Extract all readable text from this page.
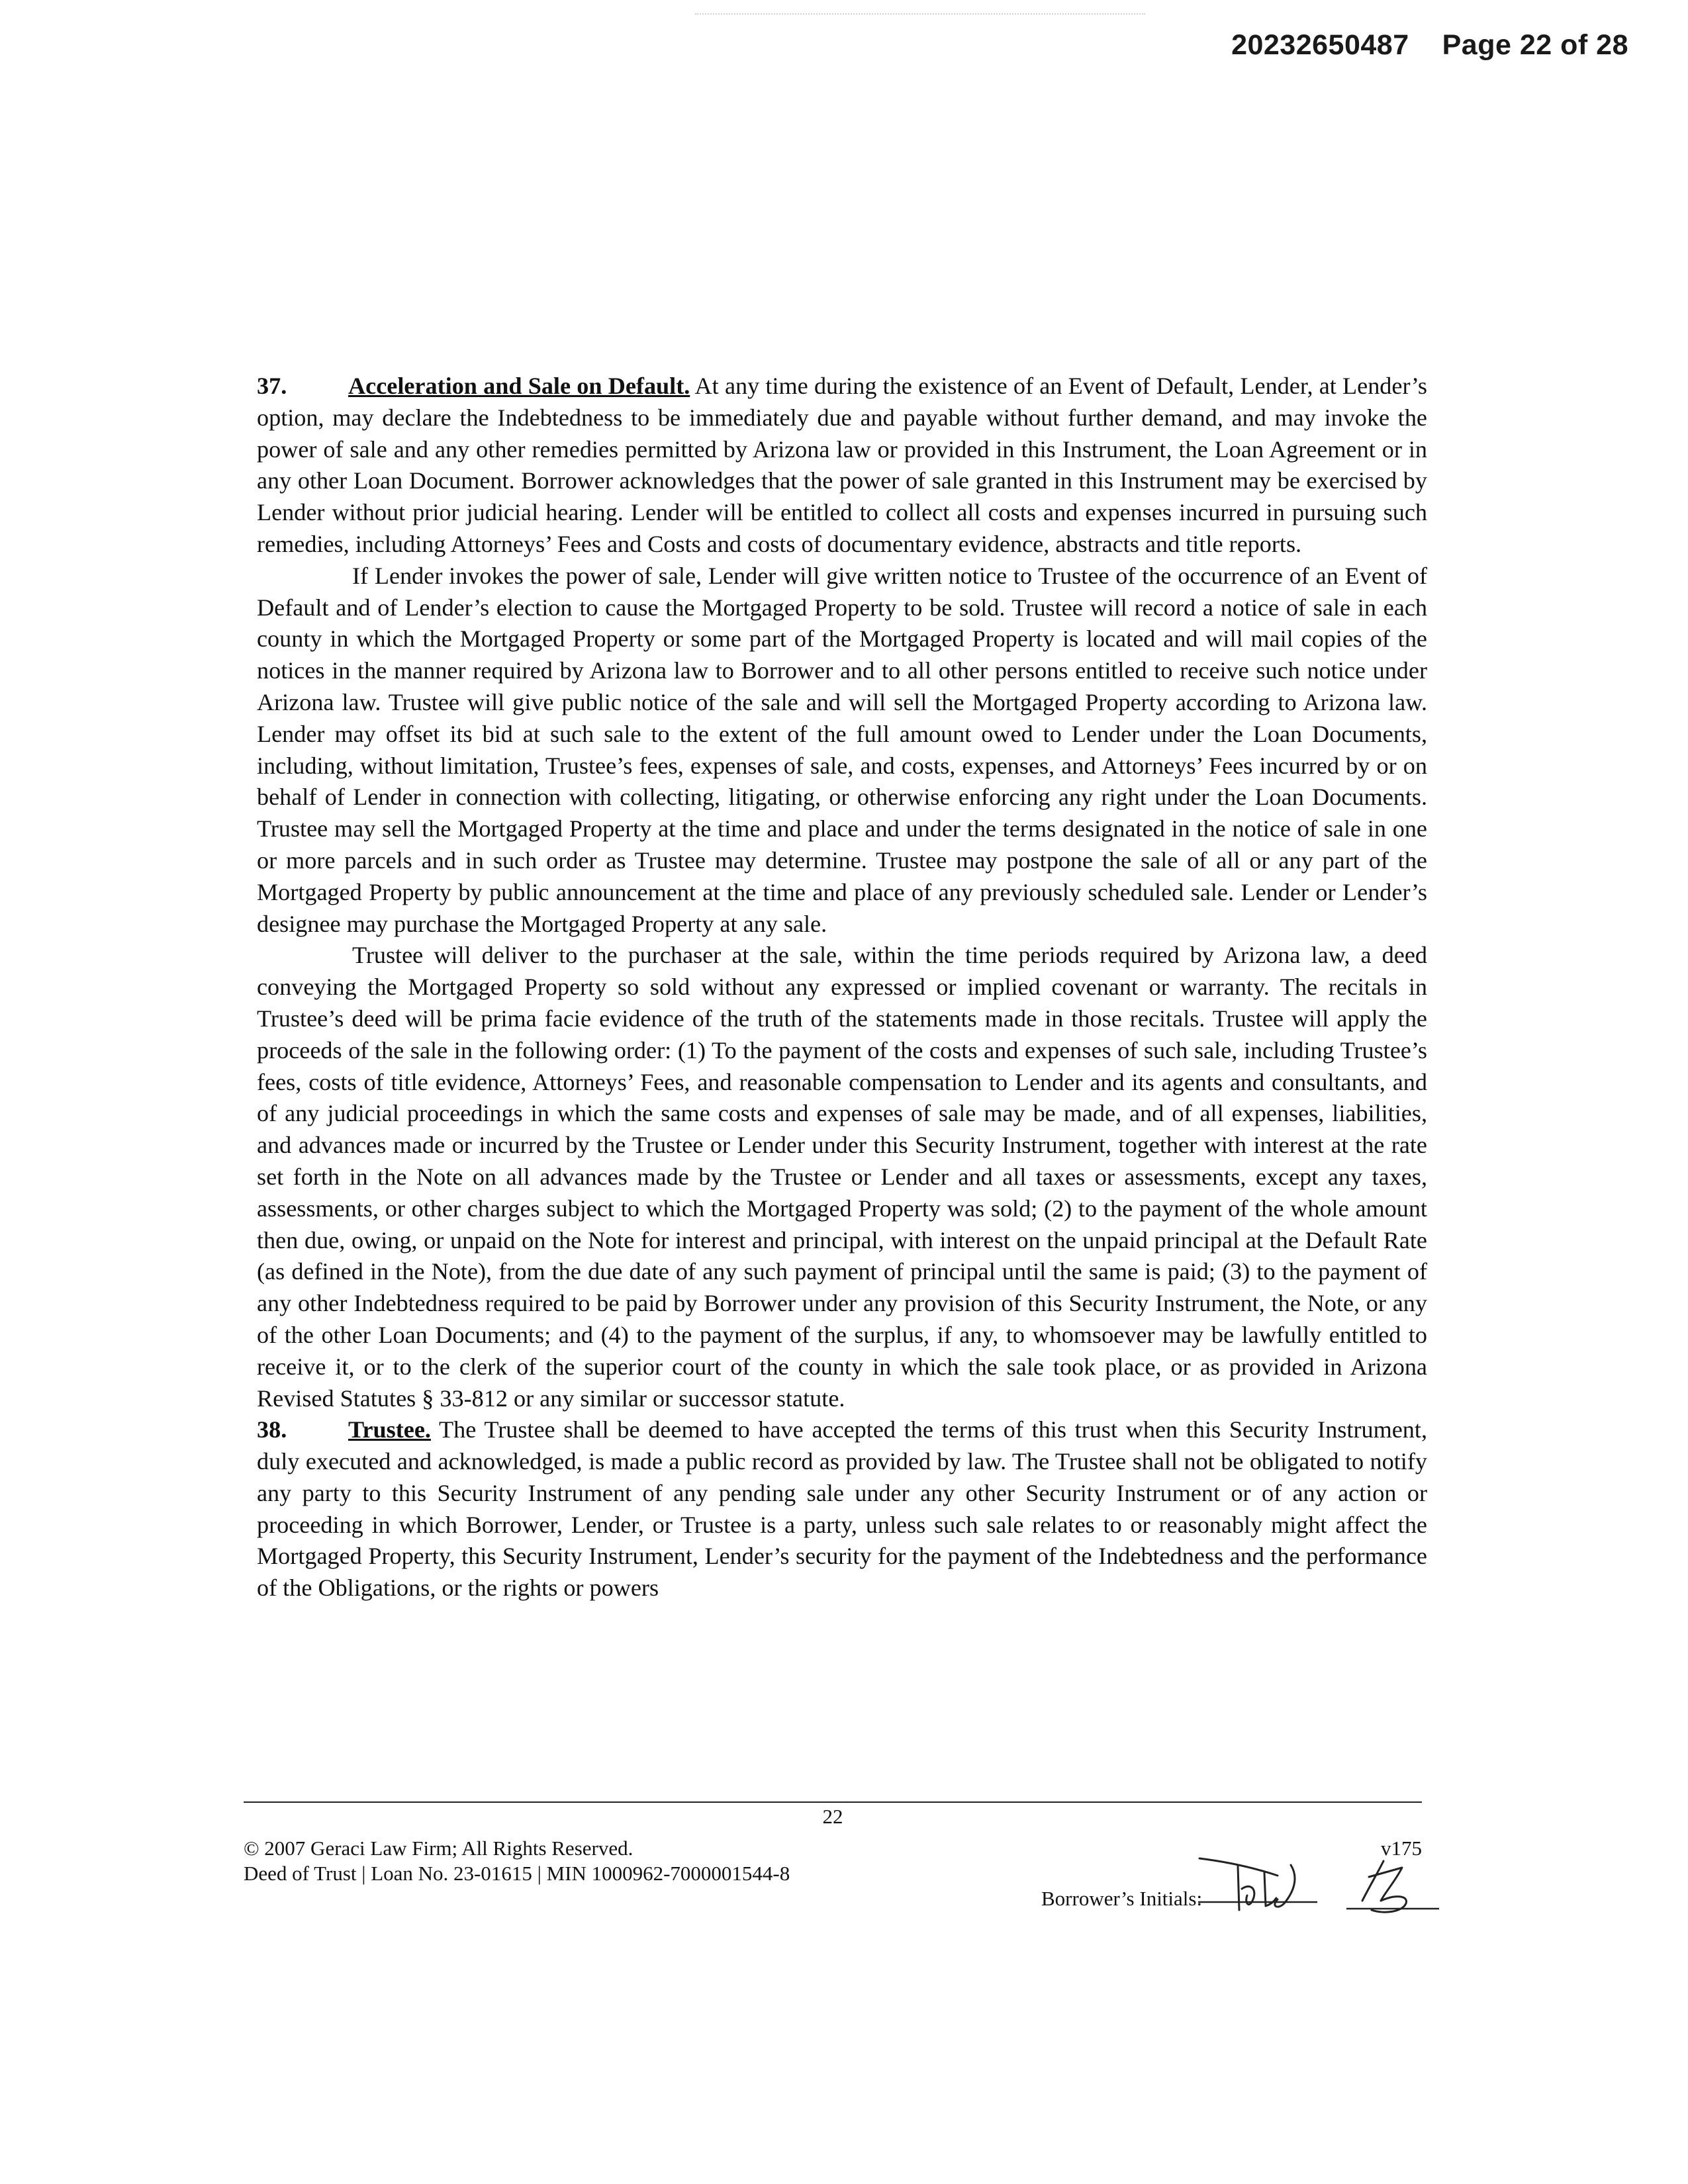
20232650487 Page 22 of 28

37.	Acceleration and Sale on Default. At any time during the existence of an Event of Default, Lender, at Lender’s option, may declare the Indebtedness to be immediately due and payable without further demand, and may invoke the power of sale and any other remedies permitted by Arizona law or provided in this Instrument, the Loan Agreement or in any other Loan Document. Borrower acknowledges that the power of sale granted in this Instrument may be exercised by Lender without prior judicial hearing. Lender will be entitled to collect all costs and expenses incurred in pursuing such remedies, including Attorneys’ Fees and Costs and costs of documentary evidence, abstracts and title reports.

If Lender invokes the power of sale, Lender will give written notice to Trustee of the occurrence of an Event of Default and of Lender’s election to cause the Mortgaged Property to be sold. Trustee will record a notice of sale in each county in which the Mortgaged Property or some part of the Mortgaged Property is located and will mail copies of the notices in the manner required by Arizona law to Borrower and to all other persons entitled to receive such notice under Arizona law. Trustee will give public notice of the sale and will sell the Mortgaged Property according to Arizona law. Lender may offset its bid at such sale to the extent of the full amount owed to Lender under the Loan Documents, including, without limitation, Trustee’s fees, expenses of sale, and costs, expenses, and Attorneys’ Fees incurred by or on behalf of Lender in connection with collecting, litigating, or otherwise enforcing any right under the Loan Documents. Trustee may sell the Mortgaged Property at the time and place and under the terms designated in the notice of sale in one or more parcels and in such order as Trustee may determine. Trustee may postpone the sale of all or any part of the Mortgaged Property by public announcement at the time and place of any previously scheduled sale. Lender or Lender’s designee may purchase the Mortgaged Property at any sale.

Trustee will deliver to the purchaser at the sale, within the time periods required by Arizona law, a deed conveying the Mortgaged Property so sold without any expressed or implied covenant or warranty. The recitals in Trustee’s deed will be prima facie evidence of the truth of the statements made in those recitals. Trustee will apply the proceeds of the sale in the following order: (1) To the payment of the costs and expenses of such sale, including Trustee’s fees, costs of title evidence, Attorneys’ Fees, and reasonable compensation to Lender and its agents and consultants, and of any judicial proceedings in which the same costs and expenses of sale may be made, and of all expenses, liabilities, and advances made or incurred by the Trustee or Lender under this Security Instrument, together with interest at the rate set forth in the Note on all advances made by the Trustee or Lender and all taxes or assessments, except any taxes, assessments, or other charges subject to which the Mortgaged Property was sold; (2) to the payment of the whole amount then due, owing, or unpaid on the Note for interest and principal, with interest on the unpaid principal at the Default Rate (as defined in the Note), from the due date of any such payment of principal until the same is paid; (3) to the payment of any other Indebtedness required to be paid by Borrower under any provision of this Security Instrument, the Note, or any of the other Loan Documents; and (4) to the payment of the surplus, if any, to whomsoever may be lawfully entitled to receive it, or to the clerk of the superior court of the county in which the sale took place, or as provided in Arizona Revised Statutes § 33-812 or any similar or successor statute.

38.	Trustee. The Trustee shall be deemed to have accepted the terms of this trust when this Security Instrument, duly executed and acknowledged, is made a public record as provided by law. The Trustee shall not be obligated to notify any party to this Security Instrument of any pending sale under any other Security Instrument or of any action or proceeding in which Borrower, Lender, or Trustee is a party, unless such sale relates to or reasonably might affect the Mortgaged Property, this Security Instrument, Lender’s security for the payment of the Indebtedness and the performance of the Obligations, or the rights or powers

22
© 2007 Geraci Law Firm; All Rights Reserved.
Deed of Trust | Loan No. 23-01615 | MIN 1000962-7000001544-8
v175
Borrower’s Initials:
